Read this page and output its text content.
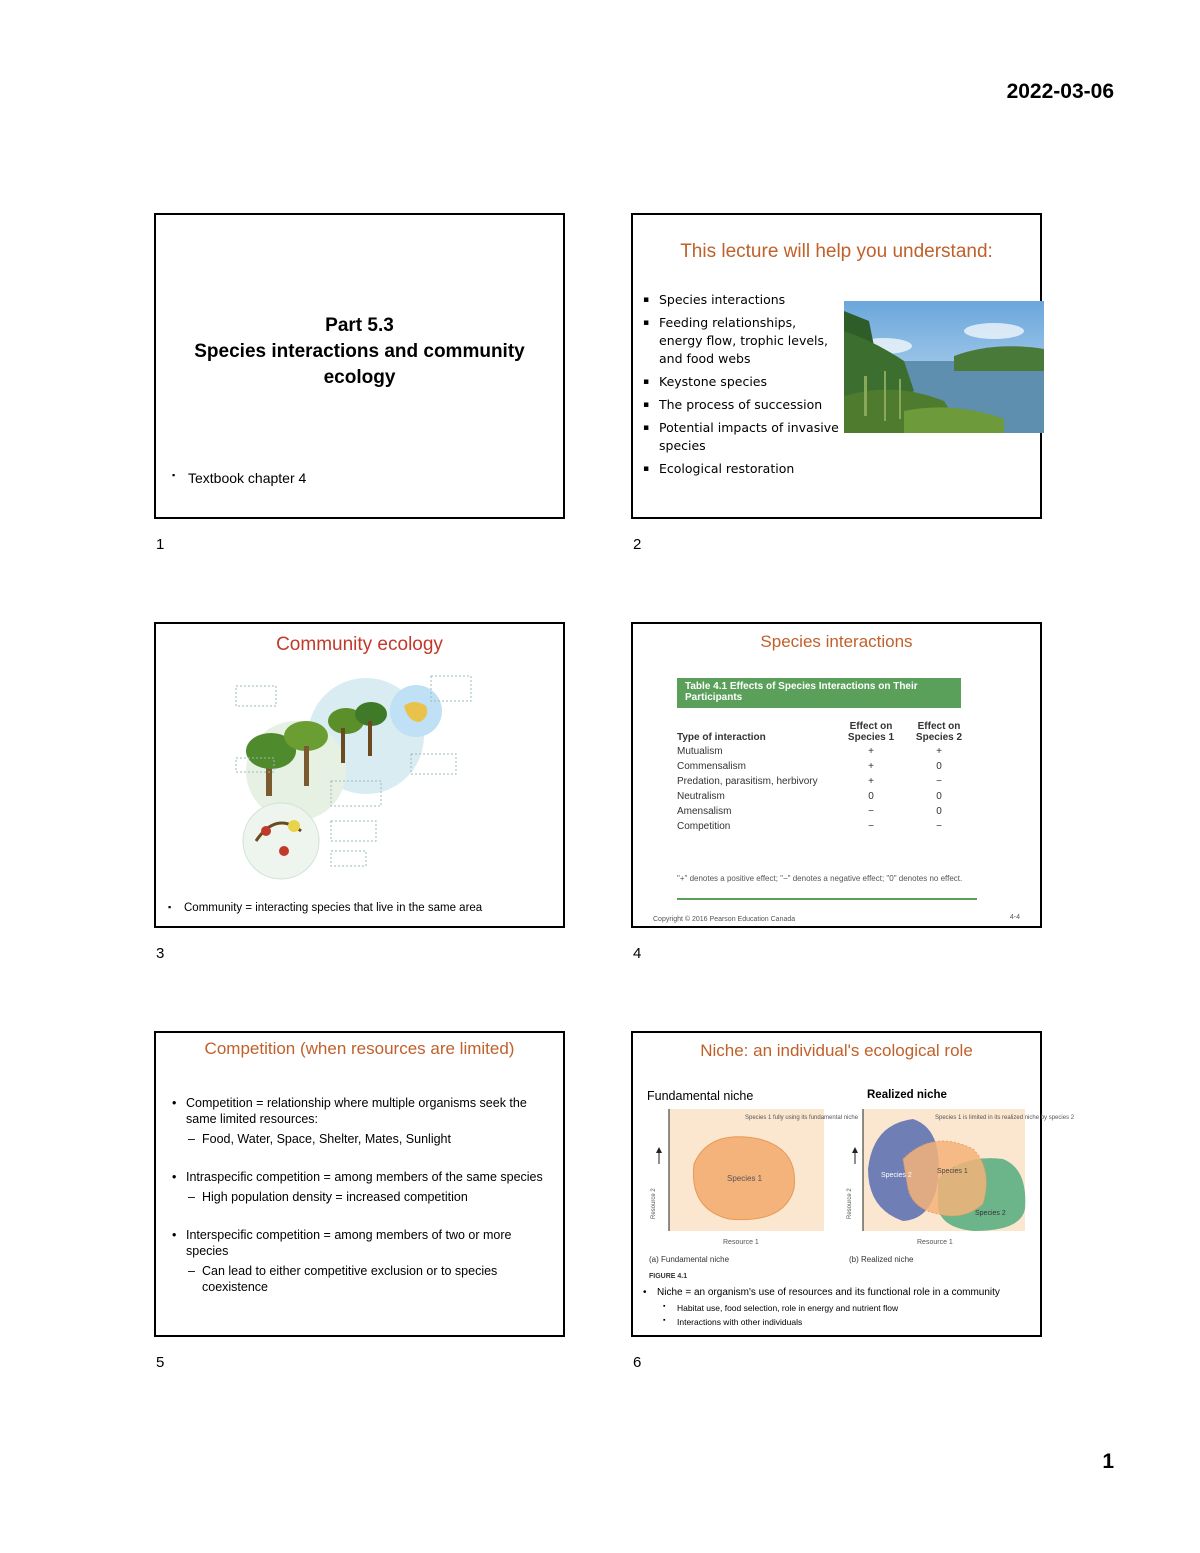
2022-03-06
Part 5.3
Species interactions and community
ecology
▪ Textbook chapter 4
1
This lecture will help you understand:
▪ Species interactions
▪ Feeding relationships, energy flow, trophic levels, and food webs
▪ Keystone species
▪ The process of succession
▪ Potential impacts of invasive species
▪ Ecological restoration
2
Community ecology
▪ Community = interacting species that live in the same area
3
Species interactions
Table 4.1 Effects of Species Interactions on Their Participants
Type of interaction	Effect on Species 1	Effect on Species 2
Mutualism	+	+
Commensalism	+	0
Predation, parasitism, herbivory	+	−
Neutralism	0	0
Amensalism	−	0
Competition	−	−
"+" denotes a positive effect; "−" denotes a negative effect; "0" denotes no effect.
Copyright © 2016 Pearson Education Canada	4-4
4
Competition (when resources are limited)
• Competition = relationship where multiple organisms seek the same limited resources:
– Food, Water, Space, Shelter, Mates, Sunlight
• Intraspecific competition = among members of the same species
– High population density = increased competition
• Interspecific competition = among members of two or more species
– Can lead to either competitive exclusion or to species coexistence
5
Niche: an individual's ecological role
Fundamental niche	Realized niche
Species 1
Species 1 fully using its fundamental niche
Resource 2
Resource 1
Species 1
Species 2
Species 2
Species 1 is limited in its realized niche by species 2
Resource 2
Resource 1
(a) Fundamental niche	(b) Realized niche
FIGURE 4.1
• Niche = an organism's use of resources and its functional role in a community
▪ Habitat use, food selection, role in energy and nutrient flow
▪ Interactions with other individuals
6
1
